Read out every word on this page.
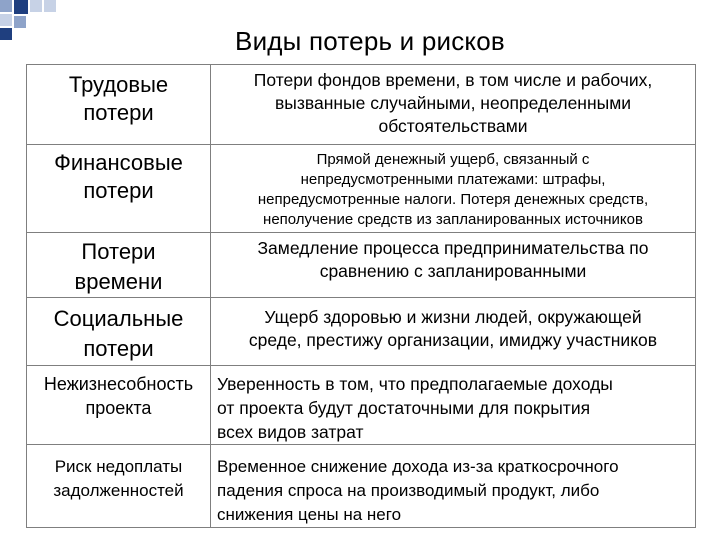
Виды потерь и рисков
Трудовые
потери	Потери фондов времени, в том числе и рабочих,
вызванные случайными, неопределенными
обстоятельствами

Финансовые
потери	Прямой денежный ущерб, связанный с
непредусмотренными платежами: штрафы,
непредусмотренные налоги. Потеря денежных средств,
неполучение средств из запланированных источников

Потери
времени	Замедление процесса предпринимательства по
сравнению с запланированными

Социальные
потери	Ущерб здоровью и жизни людей, окружающей
среде, престижу организации, имиджу участников

Нежизнесобность
проекта	Уверенность в том, что предполагаемые доходы
от проекта будут достаточными для покрытия
всех видов затрат

Риск недоплаты
задолженностей	Временное снижение дохода из-за краткосрочного
падения спроса на производимый продукт, либо
снижения цены на него
